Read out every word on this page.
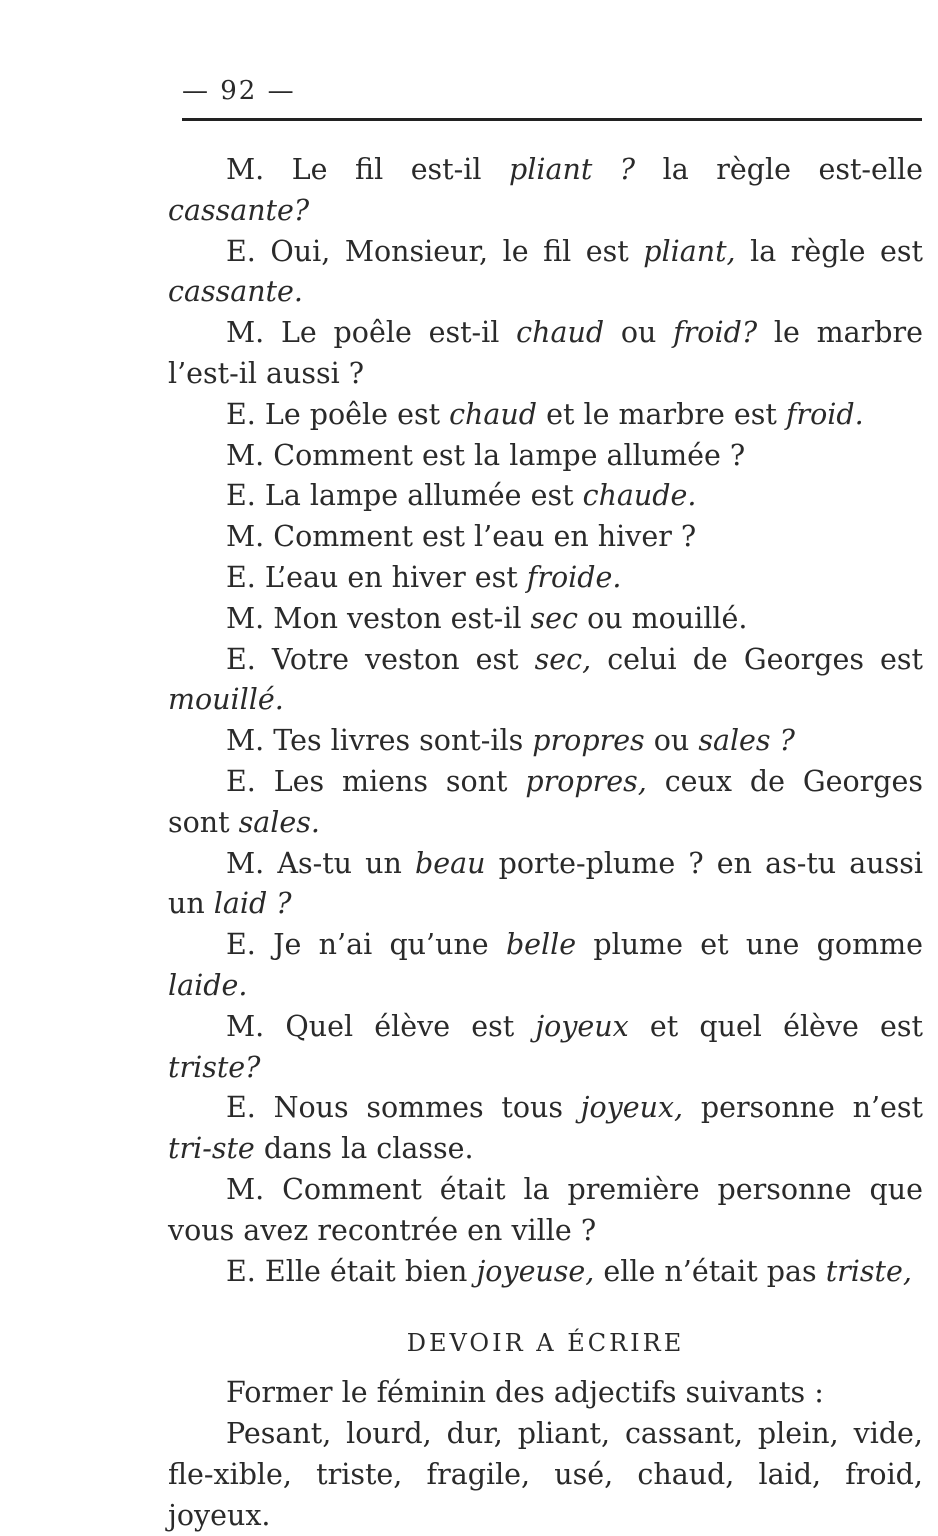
— 92 —

M. Le fil est-il pliant ? la règle est-elle cassante?

E. Oui, Monsieur, le fil est pliant, la règle est cassante.

M. Le poêle est-il chaud ou froid? le marbre l’est-il aussi ?

E. Le poêle est chaud et le marbre est froid.

M. Comment est la lampe allumée ?

E. La lampe allumée est chaude.

M. Comment est l’eau en hiver ?

E. L’eau en hiver est froide.

M. Mon veston est-il sec ou mouillé.

E. Votre veston est sec, celui de Georges est mouillé.

M. Tes livres sont-ils propres ou sales ?

E. Les miens sont propres, ceux de Georges sont sales.

M. As-tu un beau porte-plume ? en as-tu aussi un laid ?

E. Je n’ai qu’une belle plume et une gomme laide.

M. Quel élève est joyeux et quel élève est triste?

E. Nous sommes tous joyeux, personne n’est tri-ste dans la classe.

M. Comment était la première personne que vous avez recontrée en ville ?

E. Elle était bien joyeuse, elle n’était pas triste,

DEVOIR A ÉCRIRE

Former le féminin des adjectifs suivants :

Pesant, lourd, dur, pliant, cassant, plein, vide, fle-xible, triste, fragile, usé, chaud, laid, froid, joyeux.
